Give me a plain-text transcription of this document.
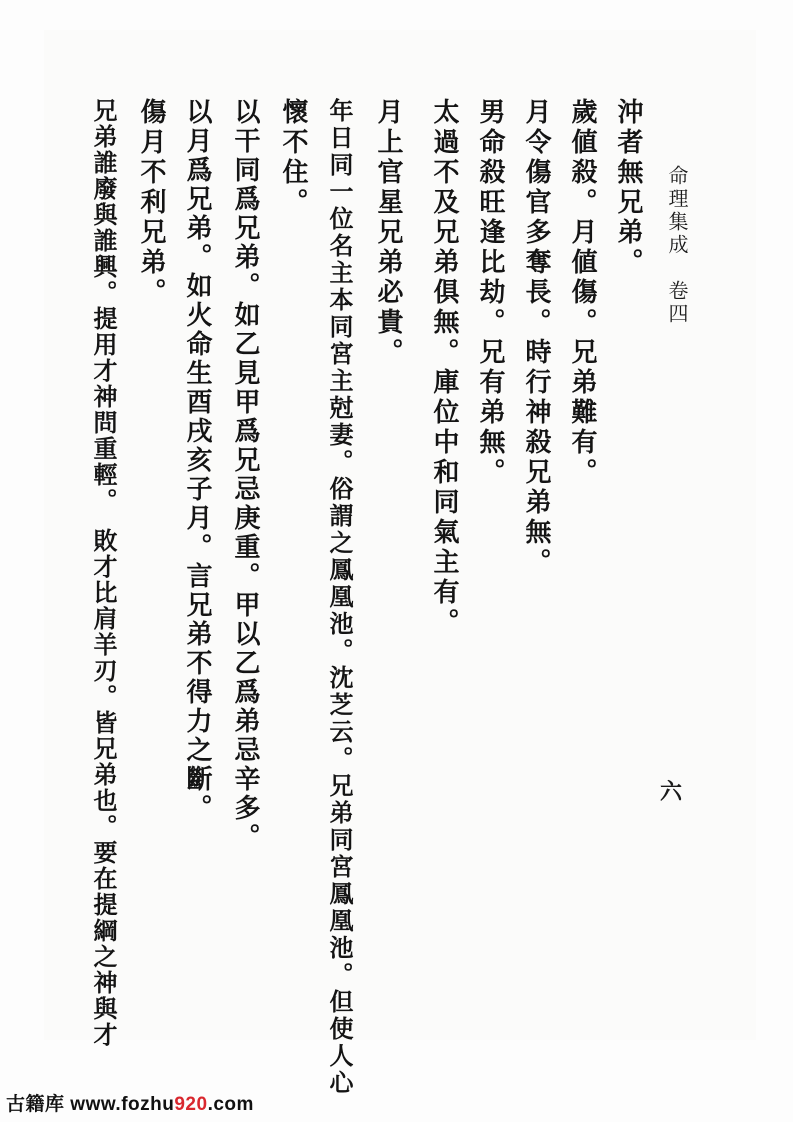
命理集成　卷四
六
沖者無兄弟。
歲値殺。月値傷。兄弟難有。
月令傷官多奪長。時行神殺兄弟無。
男命殺旺逢比劫。兄有弟無。
太過不及兄弟俱無。庫位中和同氣主有。
月上官星兄弟必貴。
年日同一位名主本同宮主尅妻。俗謂之鳳凰池。沈芝云。兄弟同宮鳳凰池。但使人心
懷不住。
以干同爲兄弟。如乙見甲爲兄忌庚重。甲以乙爲弟忌辛多。
以月爲兄弟。如火命生酉戌亥子月。言兄弟不得力之斷。
傷月不利兄弟。
兄弟誰廢與誰興。提用才神問重輕。　敗才比肩羊刃。皆兄弟也。要在提綱之神與才
古籍库 www.fozhu920.com
